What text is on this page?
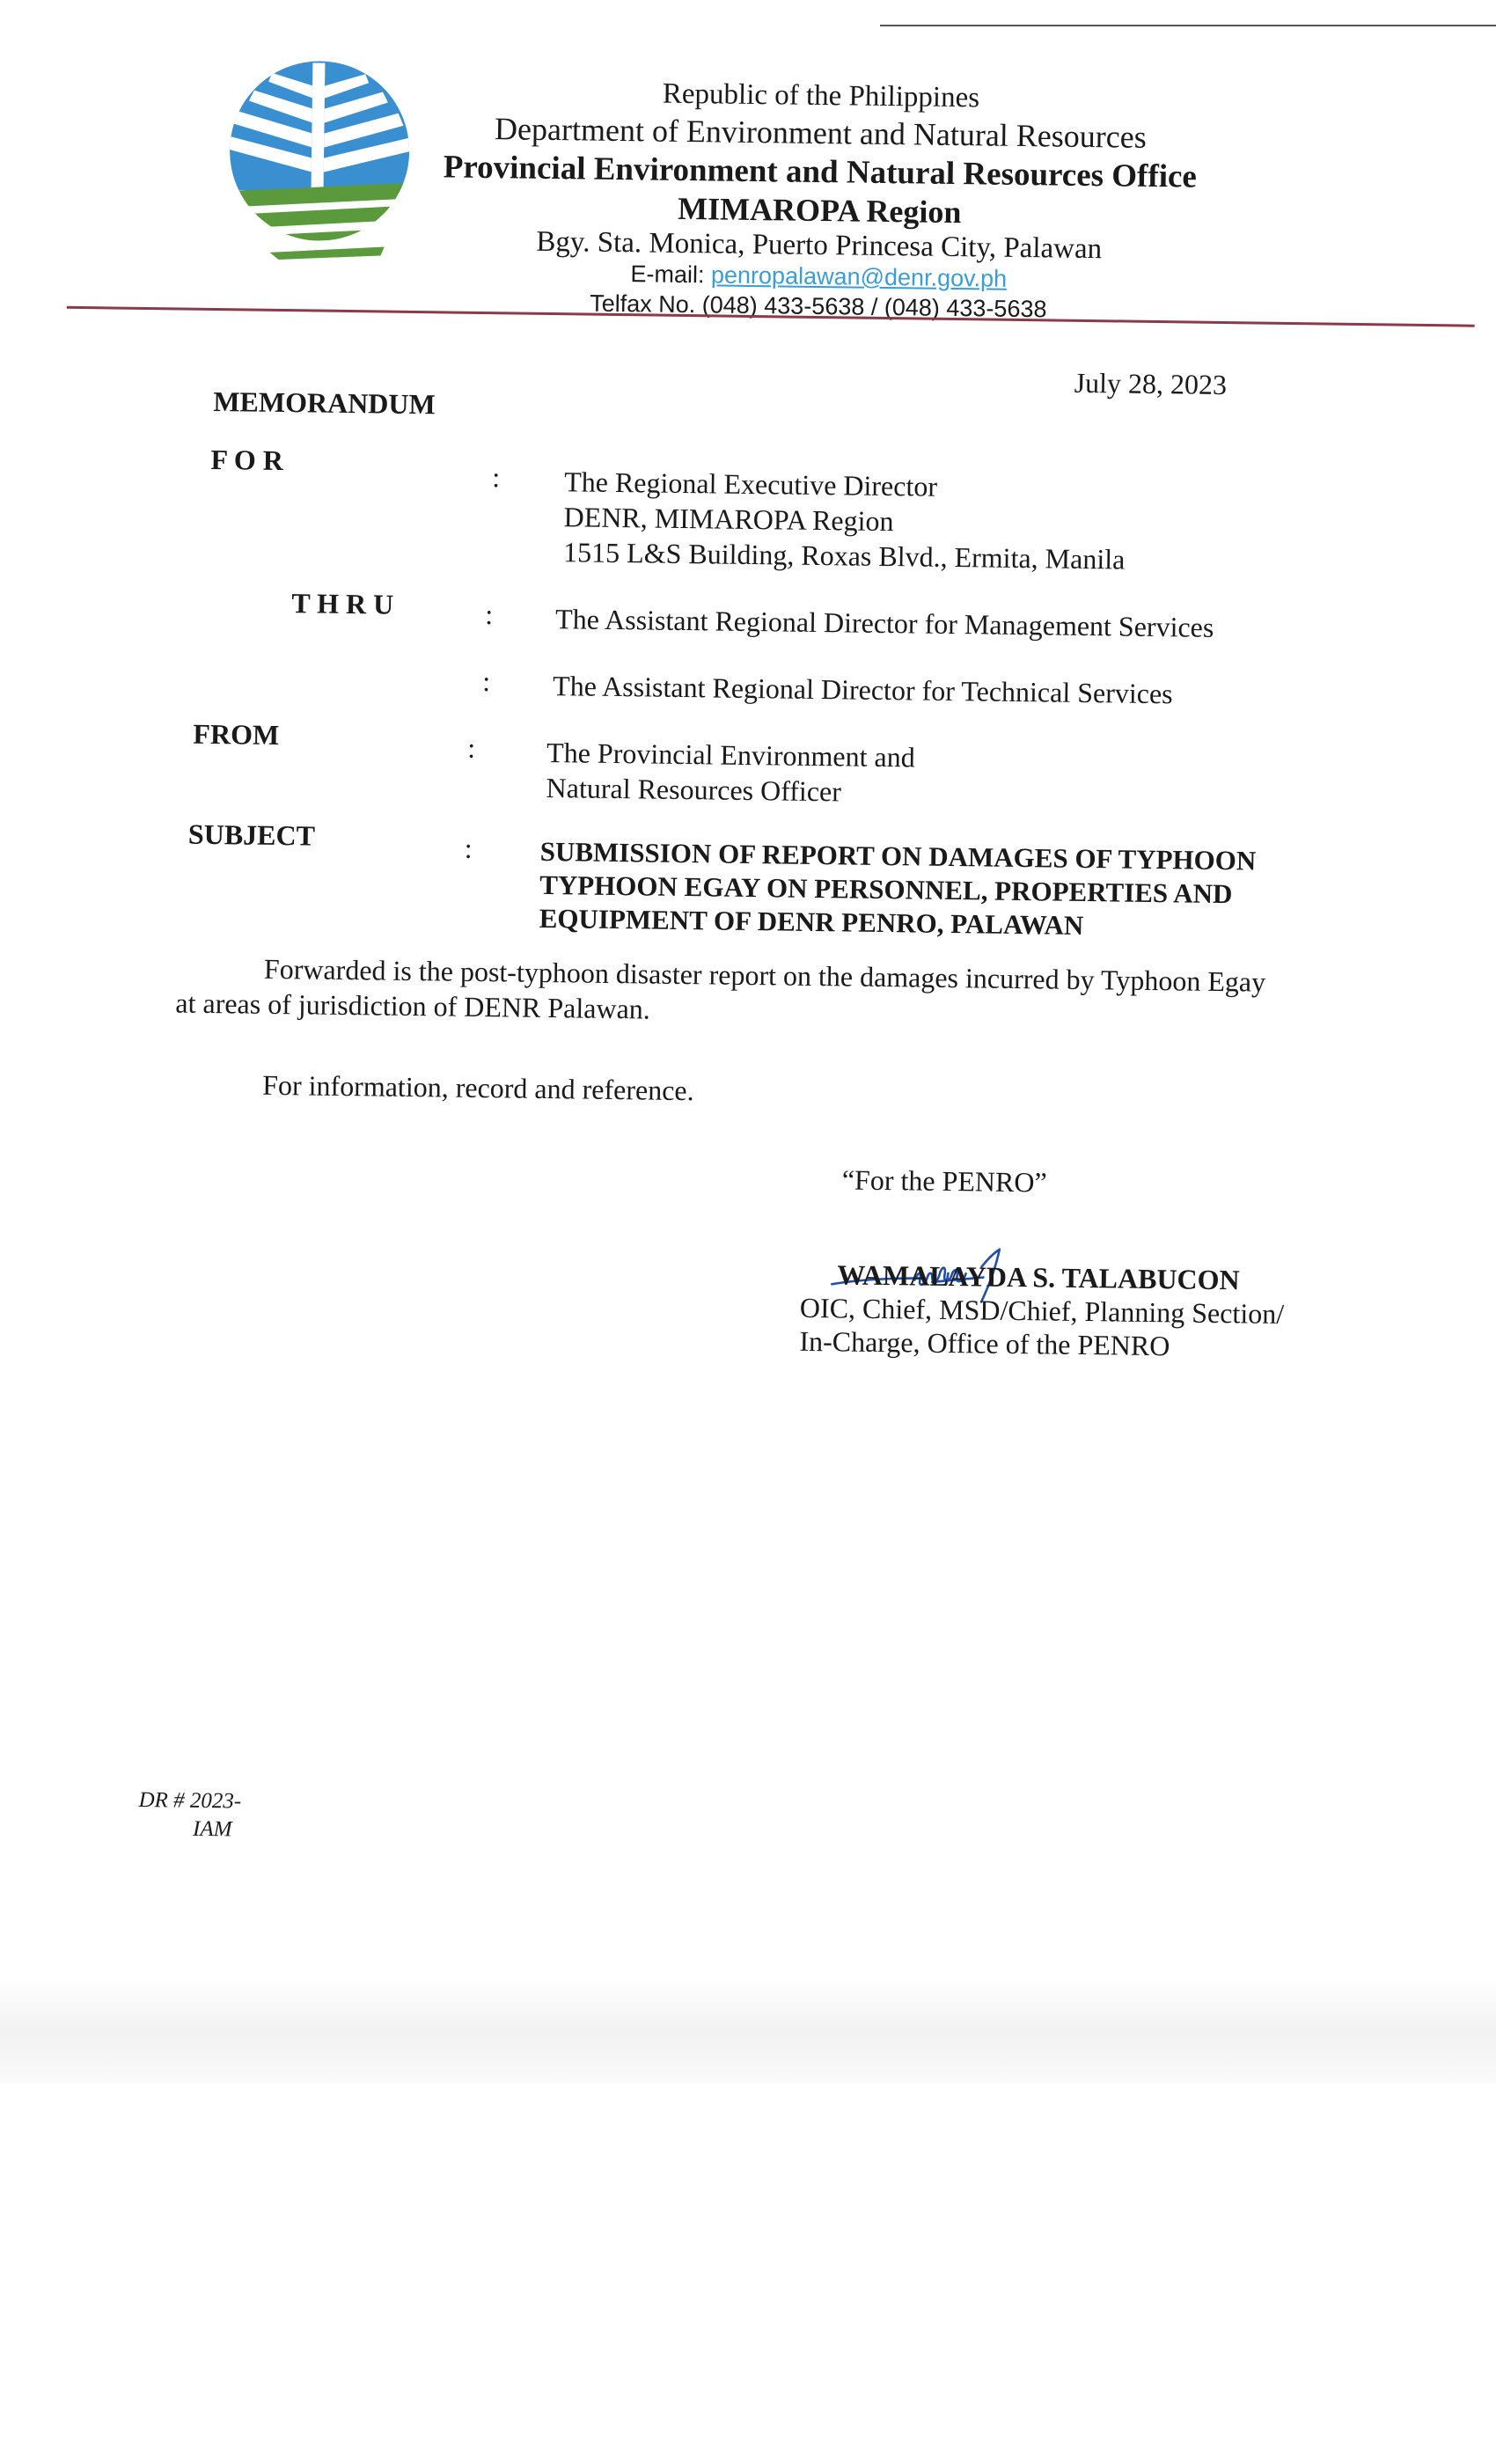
Republic of the Philippines
Department of Environment and Natural Resources
Provincial Environment and Natural Resources Office
MIMAROPA Region
Bgy. Sta. Monica, Puerto Princesa City, Palawan
E-mail: penropalawan@denr.gov.ph
Telfax No. (048) 433-5638 / (048) 433-5638
July 28, 2023
MEMORANDUM
F O R
: The Regional Executive Director
DENR, MIMAROPA Region
1515 L&S Building, Roxas Blvd., Ermita, Manila
T H R U	: The Assistant Regional Director for Management Services
: The Assistant Regional Director for Technical Services
FROM	:	The Provincial Environment and
Natural Resources Officer
SUBJECT	: SUBMISSION OF REPORT ON DAMAGES OF TYPHOON
TYPHOON EGAY ON PERSONNEL, PROPERTIES AND
EQUIPMENT OF DENR PENRO, PALAWAN
Forwarded is the post-typhoon disaster report on the damages incurred by Typhoon Egay
at areas of jurisdiction of DENR Palawan.
For information, record and reference.
“For the PENRO”
WAMALAYDA S. TALABUCON
OIC, Chief, MSD/Chief, Planning Section/
In-Charge, Office of the PENRO
DR # 2023-
IAM
